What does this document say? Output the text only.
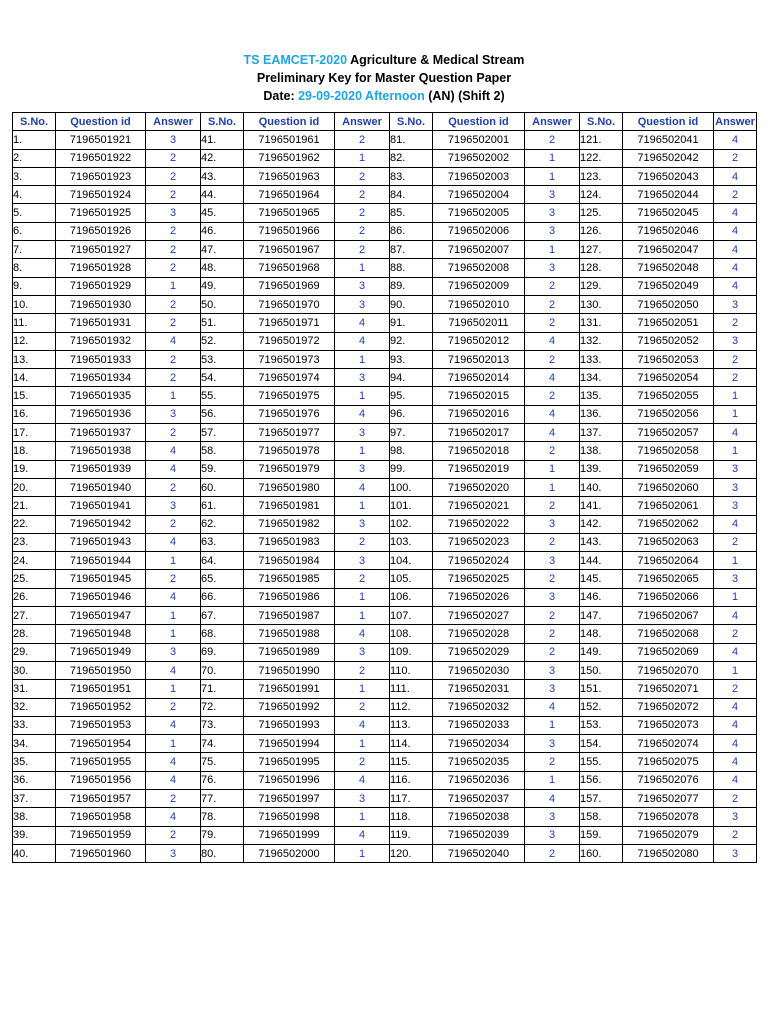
TS EAMCET-2020 Agriculture & Medical Stream
Preliminary Key for Master Question Paper
Date: 29-09-2020 Afternoon (AN) (Shift 2)
S.No.	Question id	Answer	S.No.	Question id	Answer	S.No.	Question id	Answer	S.No.	Question id	Answer
1.	7196501921	3	41.	7196501961	2	81.	7196502001	2	121.	7196502041	4
2.	7196501922	2	42.	7196501962	1	82.	7196502002	1	122.	7196502042	2
3.	7196501923	2	43.	7196501963	2	83.	7196502003	1	123.	7196502043	4
4.	7196501924	2	44.	7196501964	2	84.	7196502004	3	124.	7196502044	2
5.	7196501925	3	45.	7196501965	2	85.	7196502005	3	125.	7196502045	4
6.	7196501926	2	46.	7196501966	2	86.	7196502006	3	126.	7196502046	4
7.	7196501927	2	47.	7196501967	2	87.	7196502007	1	127.	7196502047	4
8.	7196501928	2	48.	7196501968	1	88.	7196502008	3	128.	7196502048	4
9.	7196501929	1	49.	7196501969	3	89.	7196502009	2	129.	7196502049	4
10.	7196501930	2	50.	7196501970	3	90.	7196502010	2	130.	7196502050	3
11.	7196501931	2	51.	7196501971	4	91.	7196502011	2	131.	7196502051	2
12.	7196501932	4	52.	7196501972	4	92.	7196502012	4	132.	7196502052	3
13.	7196501933	2	53.	7196501973	1	93.	7196502013	2	133.	7196502053	2
14.	7196501934	2	54.	7196501974	3	94.	7196502014	4	134.	7196502054	2
15.	7196501935	1	55.	7196501975	1	95.	7196502015	2	135.	7196502055	1
16.	7196501936	3	56.	7196501976	4	96.	7196502016	4	136.	7196502056	1
17.	7196501937	2	57.	7196501977	3	97.	7196502017	4	137.	7196502057	4
18.	7196501938	4	58.	7196501978	1	98.	7196502018	2	138.	7196502058	1
19.	7196501939	4	59.	7196501979	3	99.	7196502019	1	139.	7196502059	3
20.	7196501940	2	60.	7196501980	4	100.	7196502020	1	140.	7196502060	3
21.	7196501941	3	61.	7196501981	1	101.	7196502021	2	141.	7196502061	3
22.	7196501942	2	62.	7196501982	3	102.	7196502022	3	142.	7196502062	4
23.	7196501943	4	63.	7196501983	2	103.	7196502023	2	143.	7196502063	2
24.	7196501944	1	64.	7196501984	3	104.	7196502024	3	144.	7196502064	1
25.	7196501945	2	65.	7196501985	2	105.	7196502025	2	145.	7196502065	3
26.	7196501946	4	66.	7196501986	1	106.	7196502026	3	146.	7196502066	1
27.	7196501947	1	67.	7196501987	1	107.	7196502027	2	147.	7196502067	4
28.	7196501948	1	68.	7196501988	4	108.	7196502028	2	148.	7196502068	2
29.	7196501949	3	69.	7196501989	3	109.	7196502029	2	149.	7196502069	4
30.	7196501950	4	70.	7196501990	2	110.	7196502030	3	150.	7196502070	1
31.	7196501951	1	71.	7196501991	1	111.	7196502031	3	151.	7196502071	2
32.	7196501952	2	72.	7196501992	2	112.	7196502032	4	152.	7196502072	4
33.	7196501953	4	73.	7196501993	4	113.	7196502033	1	153.	7196502073	4
34.	7196501954	1	74.	7196501994	1	114.	7196502034	3	154.	7196502074	4
35.	7196501955	4	75.	7196501995	2	115.	7196502035	2	155.	7196502075	4
36.	7196501956	4	76.	7196501996	4	116.	7196502036	1	156.	7196502076	4
37.	7196501957	2	77.	7196501997	3	117.	7196502037	4	157.	7196502077	2
38.	7196501958	4	78.	7196501998	1	118.	7196502038	3	158.	7196502078	3
39.	7196501959	2	79.	7196501999	4	119.	7196502039	3	159.	7196502079	2
40.	7196501960	3	80.	7196502000	1	120.	7196502040	2	160.	7196502080	3
